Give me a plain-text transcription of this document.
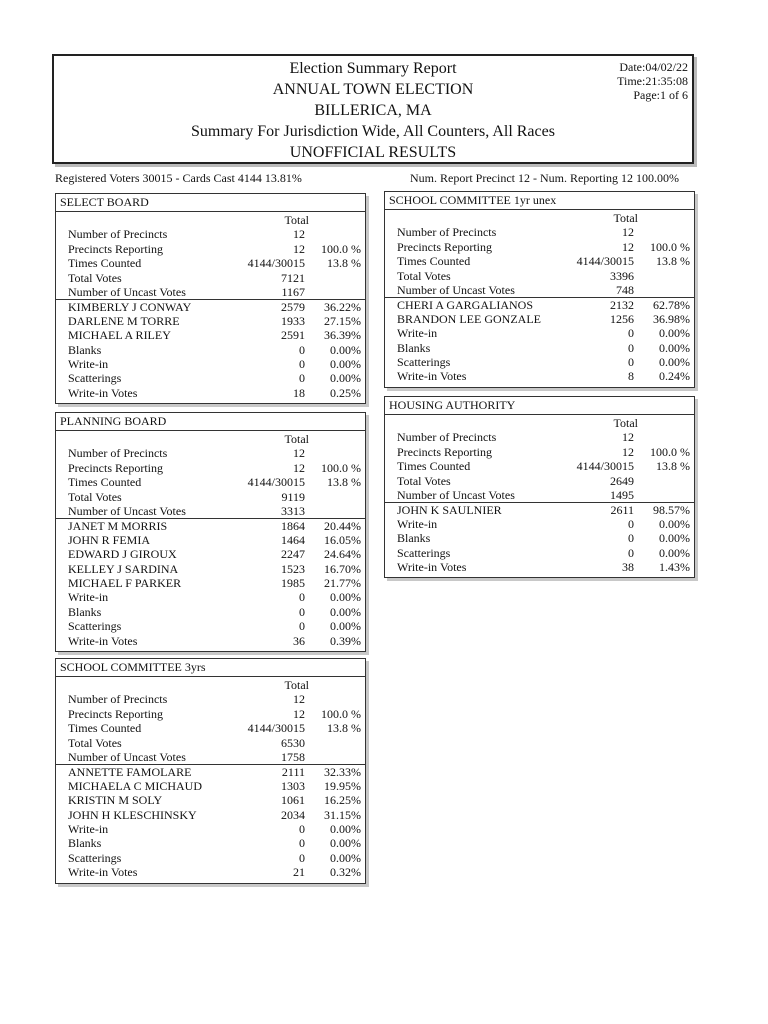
Election Summary Report
ANNUAL TOWN ELECTION
BILLERICA, MA
Summary For Jurisdiction Wide, All Counters, All Races
UNOFFICIAL RESULTS
Date:04/02/22
Time:21:35:08
Page:1 of 6
Registered Voters 30015 - Cards Cast 4144 13.81%	Num. Report Precinct 12 - Num. Reporting 12 100.00%
SELECT BOARD
Total
Number of Precincts	12
Precincts Reporting	12 100.0 %
Times Counted	4144/30015 13.8 %
Total Votes	7121
Number of Uncast Votes	1167
KIMBERLY J CONWAY	2579 36.22%
DARLENE M TORRE	1933 27.15%
MICHAEL A RILEY	2591 36.39%
Blanks	0 0.00%
Write-in	0 0.00%
Scatterings	0 0.00%
Write-in Votes	18 0.25%
PLANNING BOARD
Total
Number of Precincts	12
Precincts Reporting	12 100.0 %
Times Counted	4144/30015 13.8 %
Total Votes	9119
Number of Uncast Votes	3313
JANET M MORRIS	1864 20.44%
JOHN R FEMIA	1464 16.05%
EDWARD J GIROUX	2247 24.64%
KELLEY J SARDINA	1523 16.70%
MICHAEL F PARKER	1985 21.77%
Write-in	0 0.00%
Blanks	0 0.00%
Scatterings	0 0.00%
Write-in Votes	36 0.39%
SCHOOL COMMITTEE 3yrs
Total
Number of Precincts	12
Precincts Reporting	12 100.0 %
Times Counted	4144/30015 13.8 %
Total Votes	6530
Number of Uncast Votes	1758
ANNETTE FAMOLARE	2111 32.33%
MICHAELA C MICHAUD	1303 19.95%
KRISTIN M SOLY	1061 16.25%
JOHN H KLESCHINSKY	2034 31.15%
Write-in	0 0.00%
Blanks	0 0.00%
Scatterings	0 0.00%
Write-in Votes	21 0.32%
SCHOOL COMMITTEE 1yr unex
Total
Number of Precincts	12
Precincts Reporting	12 100.0 %
Times Counted	4144/30015 13.8 %
Total Votes	3396
Number of Uncast Votes	748
CHERI A GARGALIANOS	2132 62.78%
BRANDON LEE GONZALE	1256 36.98%
Write-in	0 0.00%
Blanks	0 0.00%
Scatterings	0 0.00%
Write-in Votes	8 0.24%
HOUSING AUTHORITY
Total
Number of Precincts	12
Precincts Reporting	12 100.0 %
Times Counted	4144/30015 13.8 %
Total Votes	2649
Number of Uncast Votes	1495
JOHN K SAULNIER	2611 98.57%
Write-in	0 0.00%
Blanks	0 0.00%
Scatterings	0 0.00%
Write-in Votes	38 1.43%
